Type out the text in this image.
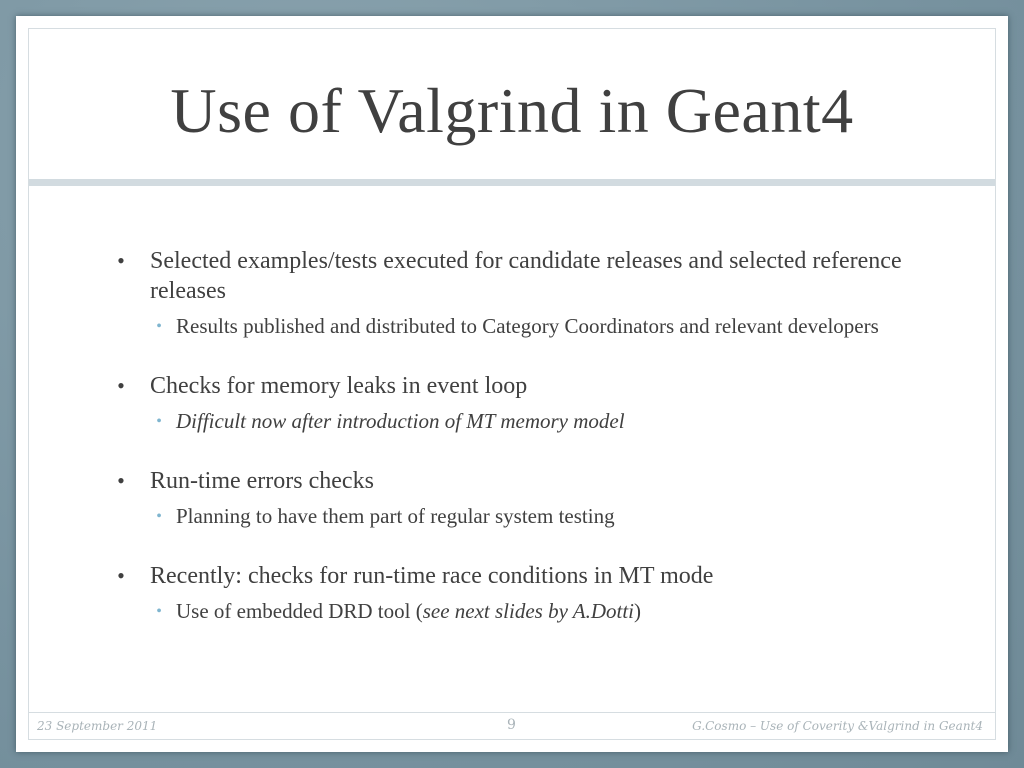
Use of Valgrind in Geant4
• Selected examples/tests executed for candidate releases and selected reference releases
• Results published and distributed to Category Coordinators and relevant developers
• Checks for memory leaks in event loop
• Difficult now after introduction of MT memory model
• Run-time errors checks
• Planning to have them part of regular system testing
• Recently: checks for run-time race conditions in MT mode
• Use of embedded DRD tool (see next slides by A.Dotti)
23 September 2011	9	G.Cosmo – Use of Coverity &Valgrind in Geant4
